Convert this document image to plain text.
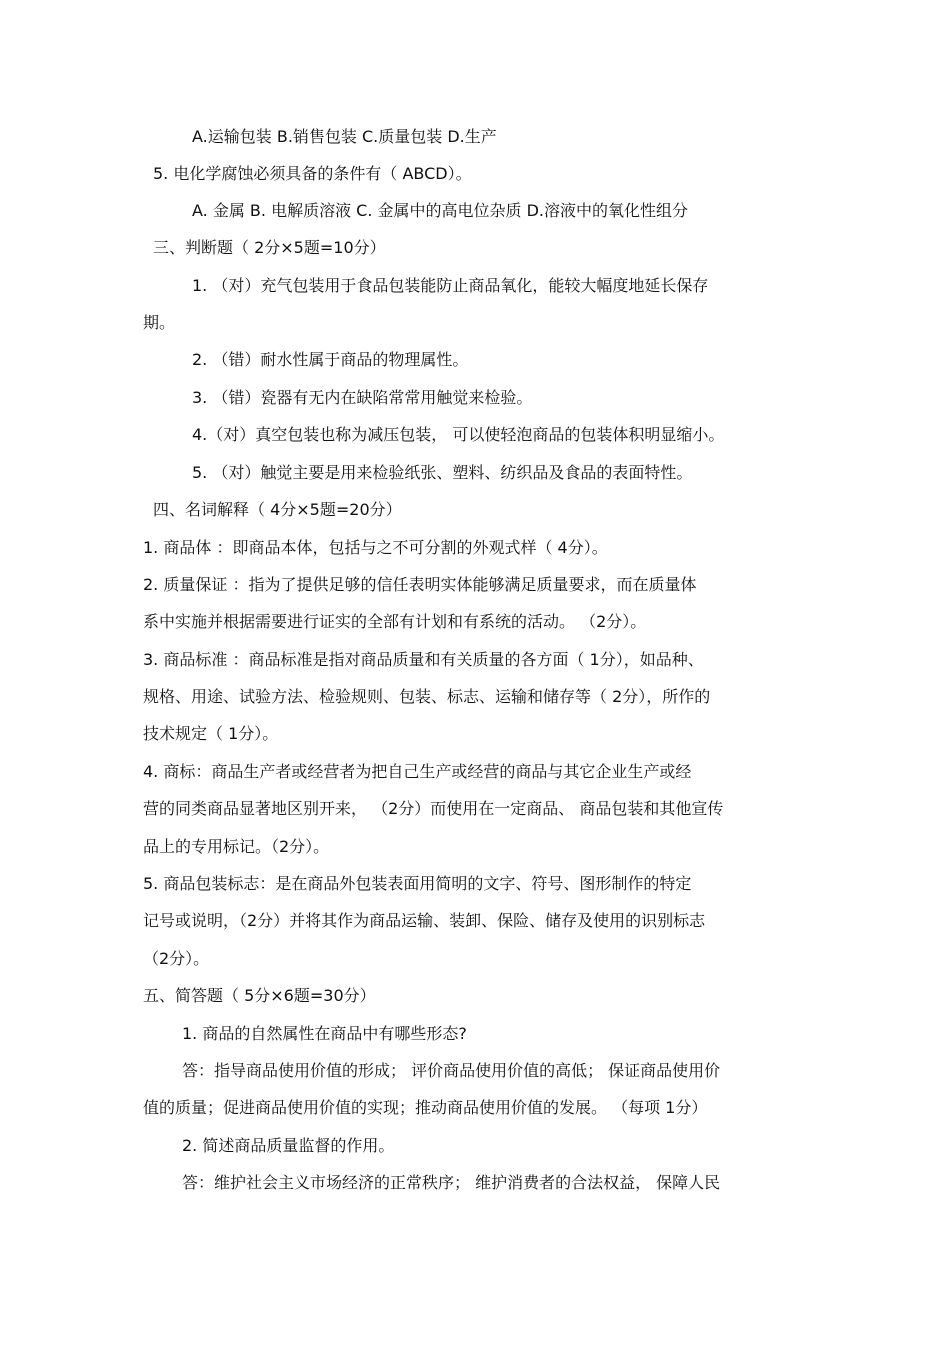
A.运输包装 B.销售包装 C.质量包装 D.生产
5. 电化学腐蚀必须具备的条件有（ ABCD）。
A. 金属 B. 电解质溶液 C. 金属中的高电位杂质 D.溶液中的氧化性组分
三、判断题（ 2分×5题=10分）
1. （对）充气包装用于食品包装能防止商品氧化，能较大幅度地延长保存
期。
2. （错）耐水性属于商品的物理属性。
3. （错）瓷器有无内在缺陷常常用触觉来检验。
4.（对）真空包装也称为减压包装， 可以使轻泡商品的包装体积明显缩小。
5. （对）触觉主要是用来检验纸张、塑料、纺织品及食品的表面特性。
四、名词解释（ 4分×5题=20分）
1. 商品体 ：即商品本体，包括与之不可分割的外观式样（ 4分）。
2. 质量保证 ：指为了提供足够的信任表明实体能够满足质量要求，而在质量体
系中实施并根据需要进行证实的全部有计划和有系统的活动。 （2分）。
3. 商品标准 ：商品标准是指对商品质量和有关质量的各方面（ 1分），如品种、
规格、用途、试验方法、检验规则、包装、标志、运输和储存等（ 2分），所作的
技术规定（ 1分）。
4. 商标：商品生产者或经营者为把自己生产或经营的商品与其它企业生产或经
营的同类商品显著地区别开来， （2分）而使用在一定商品、 商品包装和其他宣传
品上的专用标记。（2分）。
5. 商品包装标志：是在商品外包装表面用简明的文字、符号、图形制作的特定
记号或说明，（2分）并将其作为商品运输、装卸、保险、储存及使用的识别标志
（2分）。
五、简答题（ 5分×6题=30分）
1. 商品的自然属性在商品中有哪些形态?
答：指导商品使用价值的形成； 评价商品使用价值的高低； 保证商品使用价
值的质量；促进商品使用价值的实现；推动商品使用价值的发展。 （每项 1分）
2. 简述商品质量监督的作用。
答：维护社会主义市场经济的正常秩序； 维护消费者的合法权益， 保障人民
